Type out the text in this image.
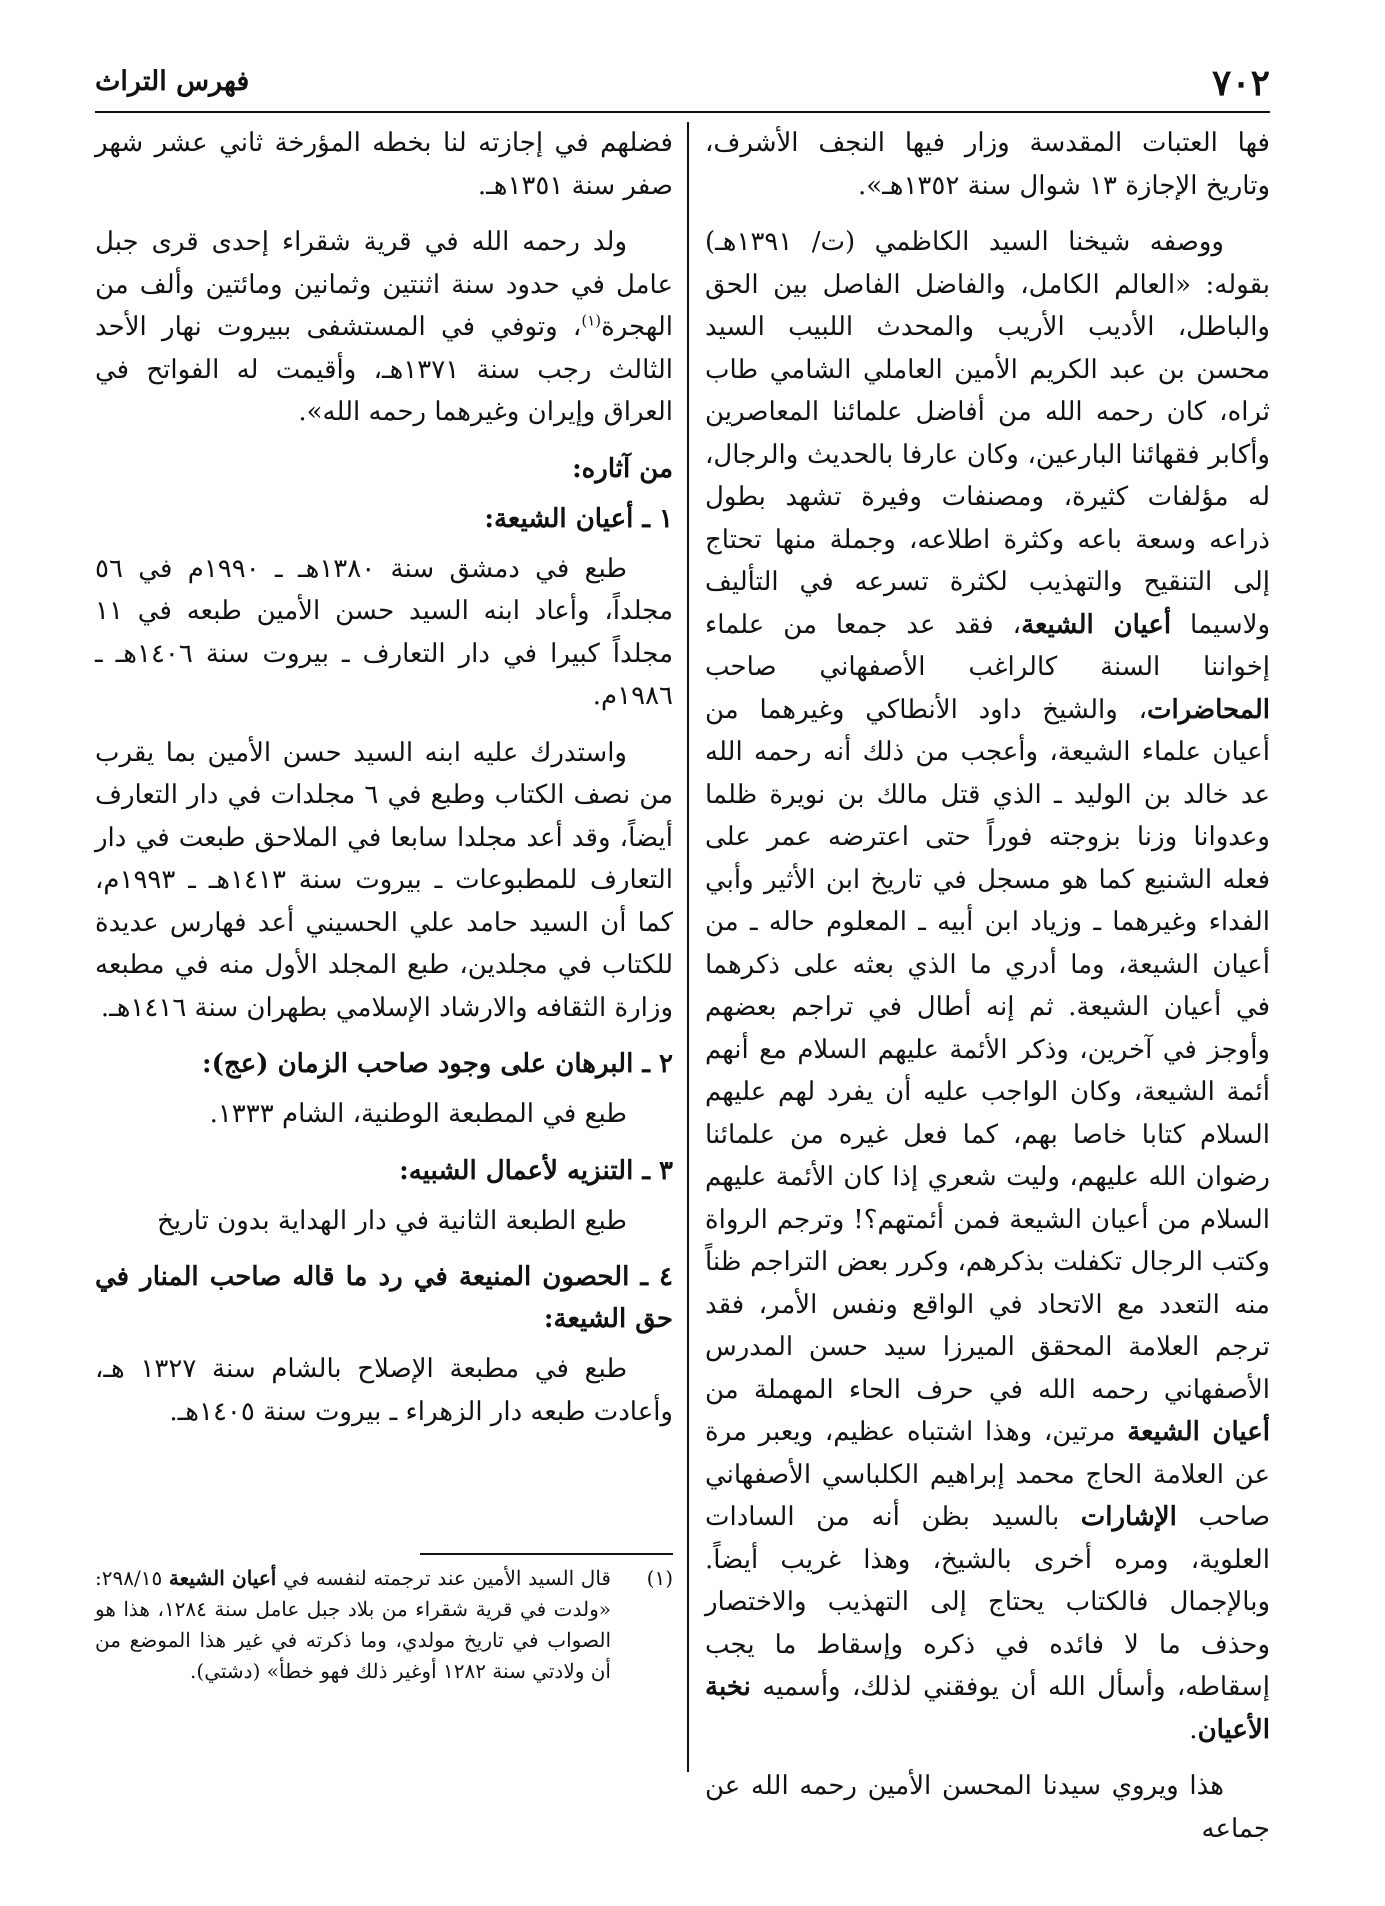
٧٠٢
فهرس التراث

فها العتبات المقدسة وزار فيها النجف الأشرف، وتاريخ الإجازة ١٣ شوال سنة ١٣٥٢هـ».

ووصفه شيخنا السيد الكاظمي (ت/ ١٣٩١هـ) بقوله: «العالم الكامل، والفاضل الفاصل بين الحق والباطل، الأديب الأريب والمحدث اللبيب السيد محسن بن عبد الكريم الأمين العاملي الشامي طاب ثراه، كان رحمه الله من أفاضل علمائنا المعاصرين وأكابر فقهائنا البارعين، وكان عارفا بالحديث والرجال، له مؤلفات كثيرة، ومصنفات وفيرة تشهد بطول ذراعه وسعة باعه وكثرة اطلاعه، وجملة منها تحتاج إلى التنقيح والتهذيب لكثرة تسرعه في التأليف ولاسيما أعيان الشيعة، فقد عد جمعا من علماء إخواننا السنة كالراغب الأصفهاني صاحب المحاضرات، والشيخ داود الأنطاكي وغيرهما من أعيان علماء الشيعة، وأعجب من ذلك أنه رحمه الله عد خالد بن الوليد ـ الذي قتل مالك بن نويرة ظلما وعدوانا وزنا بزوجته فوراً حتى اعترضه عمر على فعله الشنيع كما هو مسجل في تاريخ ابن الأثير وأبي الفداء وغيرهما ـ وزياد ابن أبيه ـ المعلوم حاله ـ من أعيان الشيعة، وما أدري ما الذي بعثه على ذكرهما في أعيان الشيعة. ثم إنه أطال في تراجم بعضهم وأوجز في آخرين، وذكر الأئمة عليهم السلام مع أنهم أئمة الشيعة، وكان الواجب عليه أن يفرد لهم عليهم السلام كتابا خاصا بهم، كما فعل غيره من علمائنا رضوان الله عليهم، وليت شعري إذا كان الأئمة عليهم السلام من أعيان الشيعة فمن أئمتهم؟! وترجم الرواة وكتب الرجال تكفلت بذكرهم، وكرر بعض التراجم ظناً منه التعدد مع الاتحاد في الواقع ونفس الأمر، فقد ترجم العلامة المحقق الميرزا سيد حسن المدرس الأصفهاني رحمه الله في حرف الحاء المهملة من أعيان الشيعة مرتين، وهذا اشتباه عظيم، ويعبر مرة عن العلامة الحاج محمد إبراهيم الكلباسي الأصفهاني صاحب الإشارات بالسيد بظن أنه من السادات العلوية، ومره أخرى بالشيخ، وهذا غريب أيضاً. وبالإجمال فالكتاب يحتاج إلى التهذيب والاختصار وحذف ما لا فائده في ذكره وإسقاط ما يجب إسقاطه، وأسأل الله أن يوفقني لذلك، وأسميه نخبة الأعيان.

هذا ويروي سيدنا المحسن الأمين رحمه الله عن جماعه

فضلهم في إجازته لنا بخطه المؤرخة ثاني عشر شهر صفر سنة ١٣٥١هـ.

ولد رحمه الله في قرية شقراء إحدى قرى جبل عامل في حدود سنة اثنتين وثمانين ومائتين وألف من الهجرة$^{(١)}$، وتوفي في المستشفى ببيروت نهار الأحد الثالث رجب سنة ١٣٧١هـ، وأقيمت له الفواتح في العراق وإيران وغيرهما رحمه الله».

من آثاره:
١ ـ أعيان الشيعة:

طبع في دمشق سنة ١٣٨٠هـ ـ ١٩٩٠م في ٥٦ مجلداً، وأعاد ابنه السيد حسن الأمين طبعه في ١١ مجلداً كبيرا في دار التعارف ـ بيروت سنة ١٤٠٦هـ ـ ١٩٨٦م.

واستدرك عليه ابنه السيد حسن الأمين بما يقرب من نصف الكتاب وطبع في ٦ مجلدات في دار التعارف أيضاً، وقد أعد مجلدا سابعا في الملاحق طبعت في دار التعارف للمطبوعات ـ بيروت سنة ١٤١٣هـ ـ ١٩٩٣م، كما أن السيد حامد علي الحسيني أعد فهارس عديدة للكتاب في مجلدين، طبع المجلد الأول منه في مطبعه وزارة الثقافه والارشاد الإسلامي بطهران سنة ١٤١٦هـ.

٢ ـ البرهان على وجود صاحب الزمان (عج):

طبع في المطبعة الوطنية، الشام ١٣٣٣.

٣ ـ التنزيه لأعمال الشبيه:

طبع الطبعة الثانية في دار الهداية بدون تاريخ

٤ ـ الحصون المنيعة في رد ما قاله صاحب المنار في حق الشيعة:

طبع في مطبعة الإصلاح بالشام سنة ١٣٢٧ هـ، وأعادت طبعه دار الزهراء ـ بيروت سنة ١٤٠٥هـ.

(١)

قال السيد الأمين عند ترجمته لنفسه في أعيان الشيعة ٢٩٨/١٥: «ولدت في قرية شقراء من بلاد جبل عامل سنة ١٢٨٤، هذا هو الصواب في تاريخ مولدي، وما ذكرته في غير هذا الموضع من أن ولادتي سنة ١٢٨٢ أوغير ذلك فهو خطأ» (دشتي).
